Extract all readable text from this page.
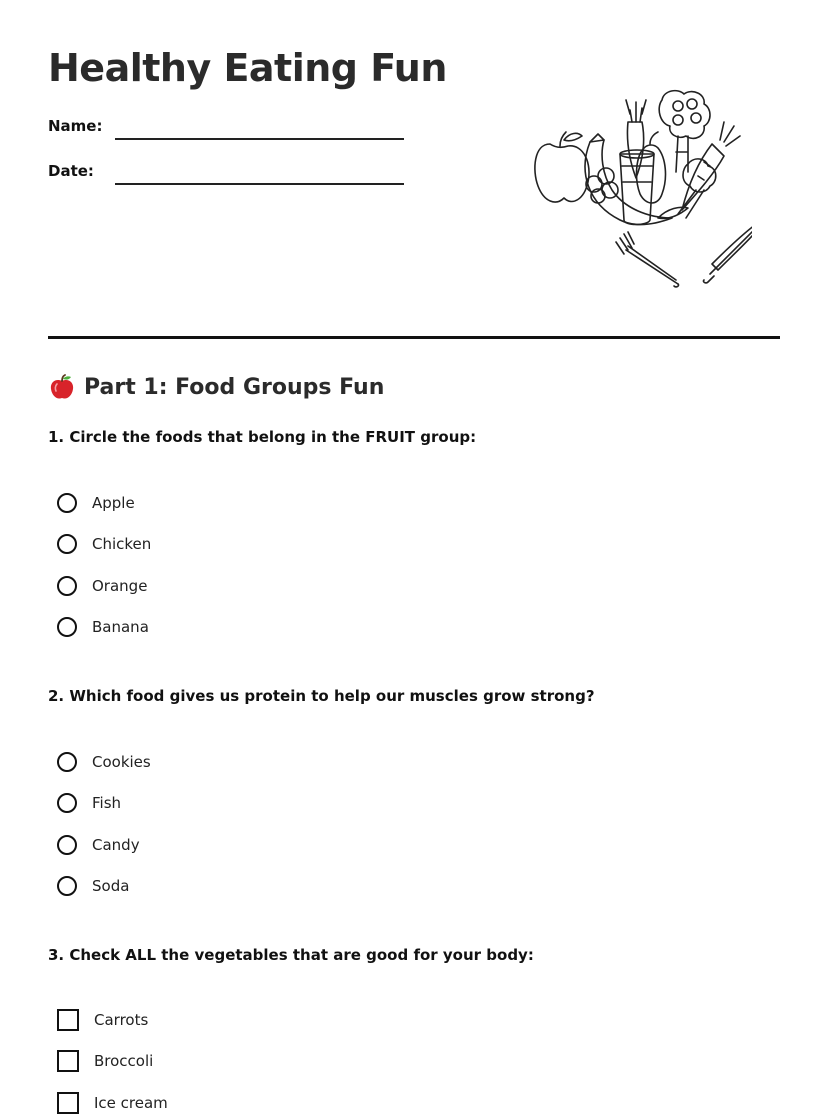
Healthy Eating Fun
Name:
Date:
Part 1: Food Groups Fun
1. Circle the foods that belong in the FRUIT group:
Apple
Chicken
Orange
Banana
2. Which food gives us protein to help our muscles grow strong?
Cookies
Fish
Candy
Soda
3. Check ALL the vegetables that are good for your body:
Carrots
Broccoli
Ice cream
